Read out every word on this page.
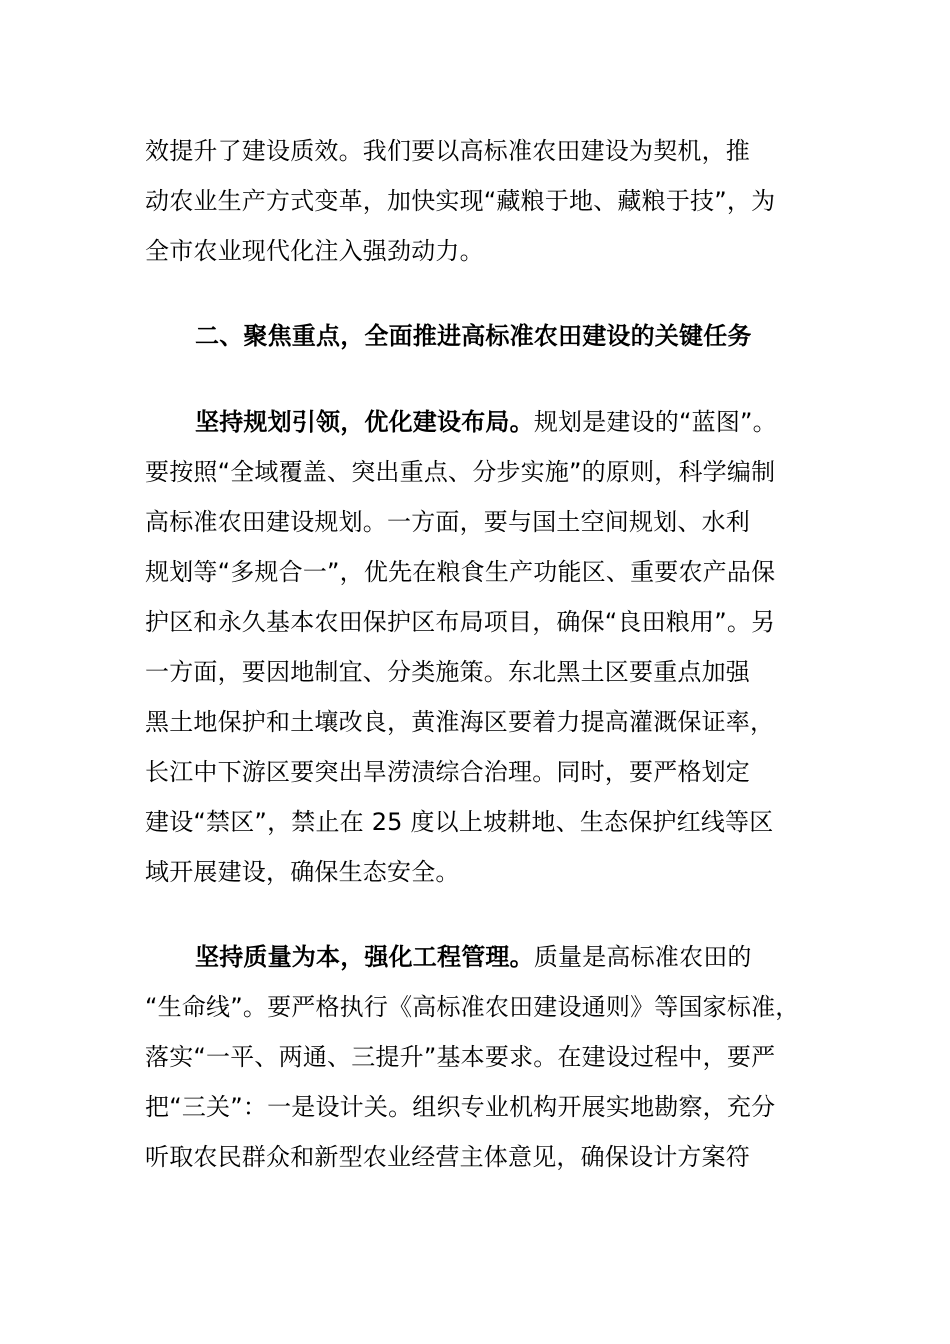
效提升了建设质效。我们要以高标准农田建设为契机，推
动农业生产方式变革，加快实现“藏粮于地、藏粮于技”，为
全市农业现代化注入强劲动力。
二、聚焦重点，全面推进高标准农田建设的关键任务
坚持规划引领，优化建设布局。规划是建设的“蓝图”。
要按照“全域覆盖、突出重点、分步实施”的原则，科学编制
高标准农田建设规划。一方面，要与国土空间规划、水利
规划等“多规合一”，优先在粮食生产功能区、重要农产品保
护区和永久基本农田保护区布局项目，确保“良田粮用”。另
一方面，要因地制宜、分类施策。东北黑土区要重点加强
黑土地保护和土壤改良，黄淮海区要着力提高灌溉保证率，
长江中下游区要突出旱涝渍综合治理。同时，要严格划定
建设“禁区”，禁止在 25 度以上坡耕地、生态保护红线等区
域开展建设，确保生态安全。
坚持质量为本，强化工程管理。质量是高标准农田的
“生命线”。要严格执行《高标准农田建设通则》等国家标准，
落实“一平、两通、三提升”基本要求。在建设过程中，要严
把“三关”：一是设计关。组织专业机构开展实地勘察，充分
听取农民群众和新型农业经营主体意见，确保设计方案符
